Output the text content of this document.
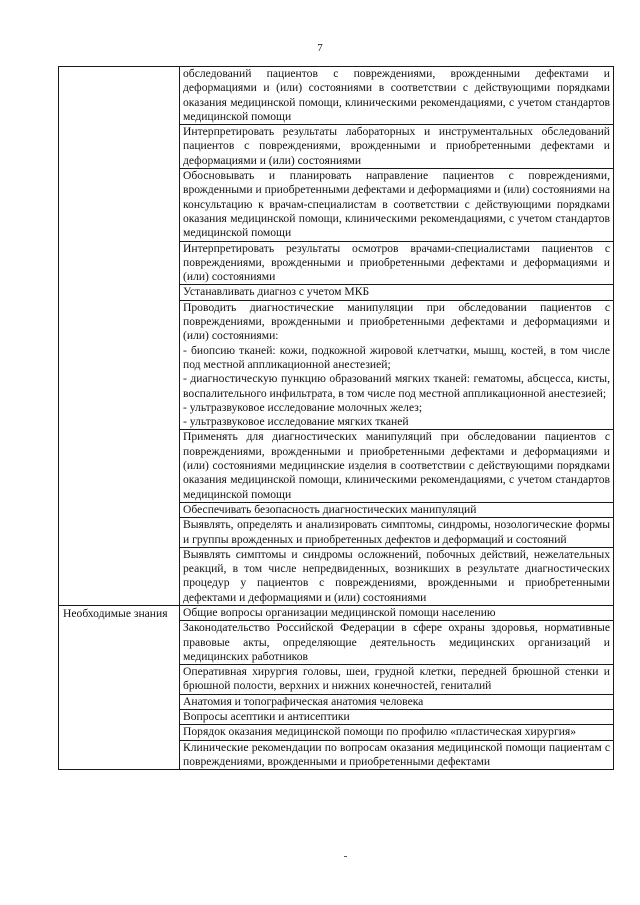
7

	обследований пациентов с повреждениями, врожденными дефектами и деформациями и (или) состояниями в соответствии с действующими порядками оказания медицинской помощи, клиническими рекомендациями, с учетом стандартов медицинской помощи

	Интерпретировать результаты лабораторных и инструментальных обследований пациентов с повреждениями, врожденными и приобретенными дефектами и деформациями и (или) состояниями

	Обосновывать и планировать направление пациентов с повреждениями, врожденными и приобретенными дефектами и деформациями и (или) состояниями на консультацию к врачам-специалистам в соответствии с действующими порядками оказания медицинской помощи, клиническими рекомендациями, с учетом стандартов медицинской помощи

	Интерпретировать результаты осмотров врачами-специалистами пациентов с повреждениями, врожденными и приобретенными дефектами и деформациями и (или) состояниями

	Устанавливать диагноз с учетом МКБ

	Проводить диагностические манипуляции при обследовании пациентов с повреждениями, врожденными и приобретенными дефектами и деформациями и (или) состояниями:
- биопсию тканей: кожи, подкожной жировой клетчатки, мышц, костей, в том числе под местной аппликационной анестезией;
- диагностическую пункцию образований мягких тканей: гематомы, абсцесса, кисты, воспалительного инфильтрата, в том числе под местной аппликационной анестезией;
- ультразвуковое исследование молочных желез;
- ультразвуковое исследование мягких тканей

	Применять для диагностических манипуляций при обследовании пациентов с повреждениями, врожденными и приобретенными дефектами и деформациями и (или) состояниями медицинские изделия в соответствии с действующими порядками оказания медицинской помощи, клиническими рекомендациями, с учетом стандартов медицинской помощи

	Обеспечивать безопасность диагностических манипуляций

	Выявлять, определять и анализировать симптомы, синдромы, нозологические формы и группы врожденных и приобретенных дефектов и деформаций и состояний

	Выявлять симптомы и синдромы осложнений, побочных действий, нежелательных реакций, в том числе непредвиденных, возникших в результате диагностических процедур у пациентов с повреждениями, врожденными и приобретенными дефектами и деформациями и (или) состояниями

Необходимые знания	Общие вопросы организации медицинской помощи населению

	Законодательство Российской Федерации в сфере охраны здоровья, нормативные правовые акты, определяющие деятельность медицинских организаций и медицинских работников

	Оперативная хирургия головы, шеи, грудной клетки, передней брюшной стенки и брюшной полости, верхних и нижних конечностей, гениталий

	Анатомия и топографическая анатомия человека

	Вопросы асептики и антисептики

	Порядок оказания медицинской помощи по профилю «пластическая хирургия»

	Клинические рекомендации по вопросам оказания медицинской помощи пациентам с повреждениями, врожденными и приобретенными дефектами
